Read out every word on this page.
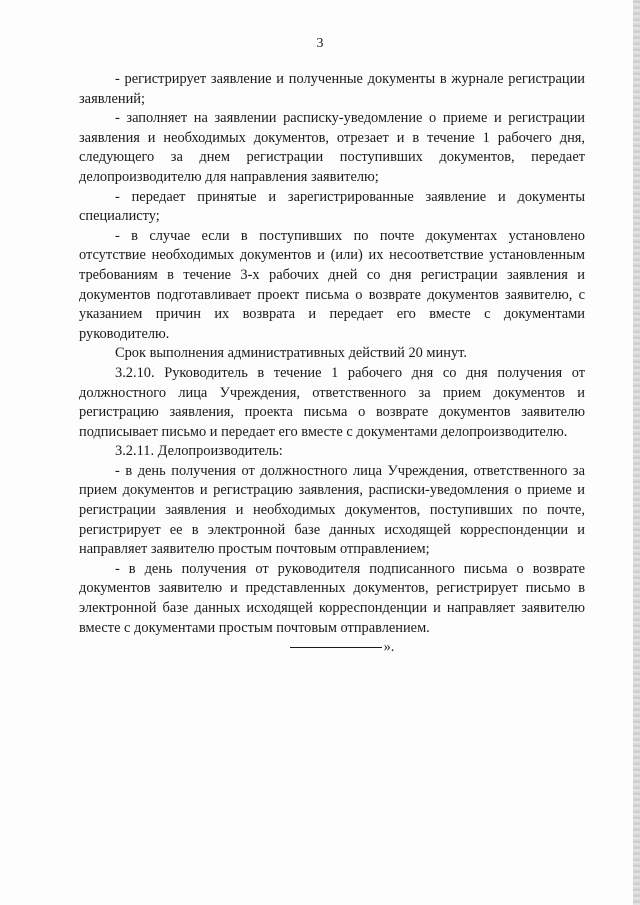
3

- регистрирует заявление и полученные документы в журнале регистрации заявлений;

- заполняет на заявлении расписку-уведомление о приеме и регистрации заявления и необходимых документов, отрезает и в течение 1 рабочего дня, следующего за днем регистрации поступивших документов, передает делопроизводителю для направления заявителю;

- передает принятые и зарегистрированные заявление и документы специалисту;

- в случае если в поступивших по почте документах установлено отсутствие необходимых документов и (или) их несоответствие установленным требованиям в течение 3-х рабочих дней со дня регистрации заявления и документов подготавливает проект письма о возврате документов заявителю, с указанием причин их возврата и передает его вместе с документами руководителю.

Срок выполнения административных действий 20 минут.

3.2.10. Руководитель в течение 1 рабочего дня со дня получения от должностного лица Учреждения, ответственного за прием документов и регистрацию заявления, проекта письма о возврате документов заявителю подписывает письмо и передает его вместе с документами делопроизводителю.

3.2.11. Делопроизводитель:

- в день получения от должностного лица Учреждения, ответственного за прием документов и регистрацию заявления, расписки-уведомления о приеме и регистрации заявления и необходимых документов, поступивших по почте, регистрирует ее в электронной базе данных исходящей корреспонденции и направляет заявителю простым почтовым отправлением;

- в день получения от руководителя подписанного письма о возврате документов заявителю и представленных документов, регистрирует письмо в электронной базе данных исходящей корреспонденции и направляет заявителю вместе с документами простым почтовым отправлением.

».
